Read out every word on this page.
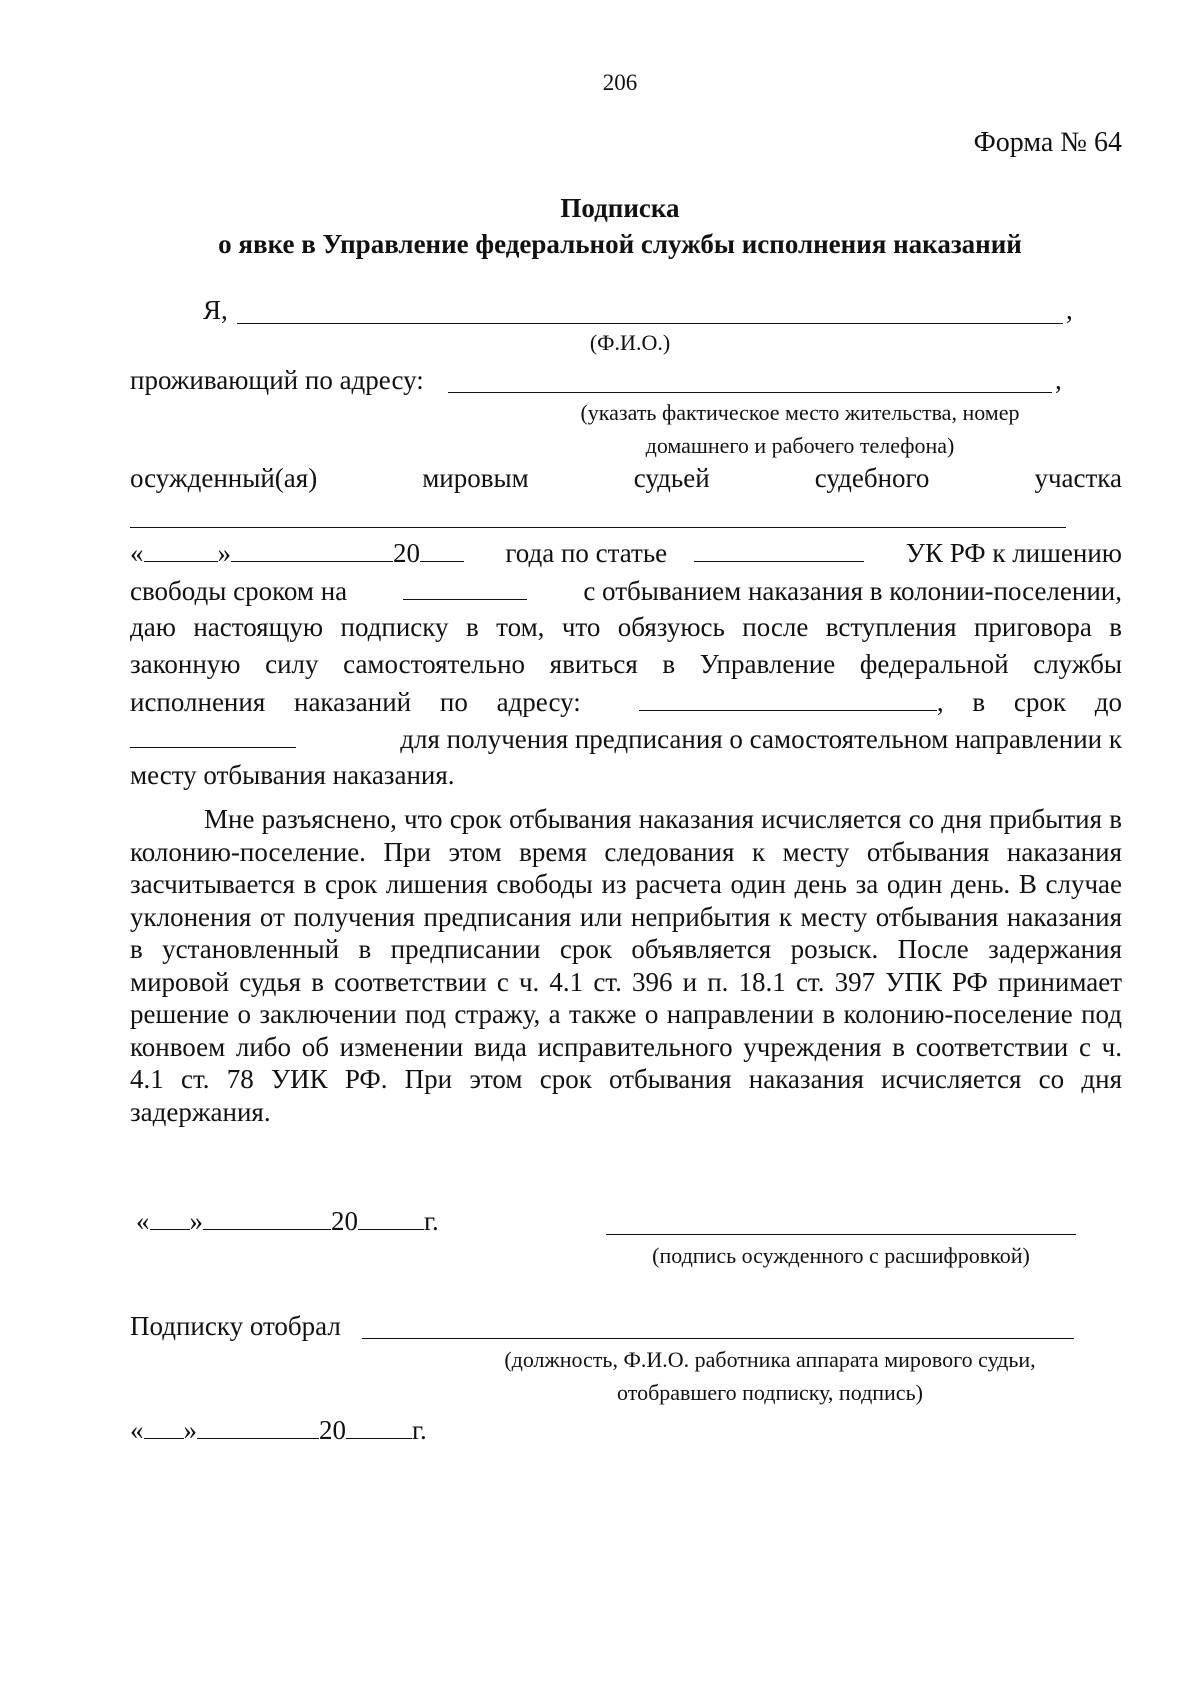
206
Форма № 64
Подписка
о явке в Управление федеральной службы исполнения наказаний
Я,	,
(Ф.И.О.)
проживающий по адресу:	,
(указать фактическое место жительства, номер
домашнего и рабочего телефона)
осужденный(ая)	мировым	судьей	судебного	участка
«	»	20	года по статье	УК РФ к лишению
свободы сроком на	с отбыванием наказания в колонии-поселении,
даю настоящую подписку в том, что обязуюсь после вступления приговора в
законную силу самостоятельно явиться в Управление федеральной службы
исполнения наказаний по адресу:	, в срок до
для получения предписания о самостоятельном направлении к
месту отбывания наказания.
Мне разъяснено, что срок отбывания наказания исчисляется со дня прибытия в колонию-поселение. При этом время следования к месту отбывания наказания засчитывается в срок лишения свободы из расчета один день за один день. В случае уклонения от получения предписания или неприбытия к месту отбывания наказания в установленный в предписании срок объявляется розыск. После задержания мировой судья в соответствии с ч. 4.1 ст. 396 и п. 18.1 ст. 397 УПК РФ принимает решение о заключении под стражу, а также о направлении в колонию-поселение под конвоем либо об изменении вида исправительного учреждения в соответствии с ч. 4.1 ст. 78 УИК РФ. При этом срок отбывания наказания исчисляется со дня задержания.
« »	20 г.
(подпись осужденного с расшифровкой)
Подписку отобрал
(должность, Ф.И.О. работника аппарата мирового судьи,
отобравшего подписку, подпись)
« »	20 г.
